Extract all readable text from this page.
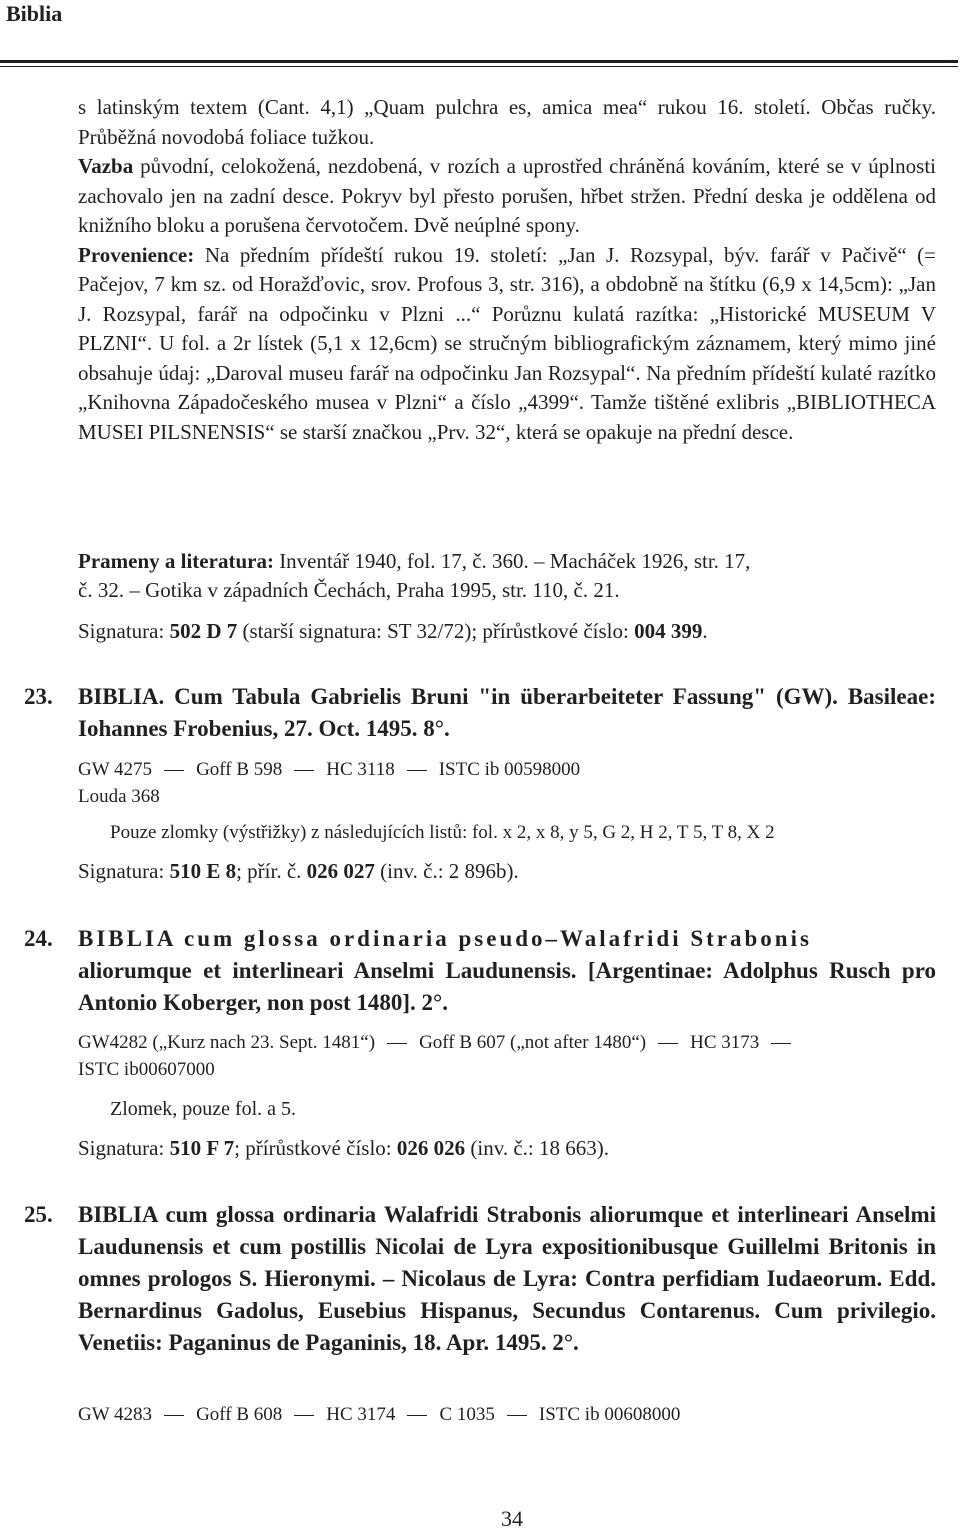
Biblia

s latinským textem (Cant. 4,1) „Quam pulchra es, amica mea“ rukou 16. století. Občas ručky. Průběžná novodobá foliace tužkou.
Vazba původní, celokožená, nezdobená, v rozích a uprostřed chráněná kováním, které se v úplnosti zachovalo jen na zadní desce. Pokryv byl přesto porušen, hřbet stržen. Přední deska je oddělena od knižního bloku a porušena červotočem. Dvě neúplné spony.
Provenience: Na předním přídeští rukou 19. století: „Jan J. Rozsypal, býv. farář v Pačivě“ (= Pačejov, 7 km sz. od Horažďovic, srov. Profous 3, str. 316), a obdobně na štítku (6,9 x 14,5cm): „Jan J. Rozsypal, farář na odpočinku v Plzni ...“ Porůznu kulatá razítka: „Historické MUSEUM V PLZNI“. U fol. a 2r lístek (5,1 x 12,6cm) se stručným bibliografickým záznamem, který mimo jiné obsahuje údaj: „Daroval museu farář na odpočinku Jan Rozsypal“. Na předním přídeští kulaté razítko „Knihovna Západočeského musea v Plzni“ a číslo „4399“. Tamže tištěné exlibris „BIBLIOTHECA MUSEI PILSNENSIS“ se starší značkou „Prv. 32“, která se opakuje na přední desce.

Prameny a literatura: Inventář 1940, fol. 17, č. 360. – Macháček 1926, str. 17,
č. 32. – Gotika v západních Čechách, Praha 1995, str. 110, č. 21.
Signatura: 502 D 7 (starší signatura: ST 32/72); přírůstkové číslo: 004 399.
23. BIBLIA. Cum Tabula Gabrielis Bruni "in überarbeiteter Fassung" (GW). Basileae: Iohannes Frobenius, 27. Oct. 1495. 8°.

GW 4275 Goff B 598 HC 3118 ISTC ib 00598000
Louda 368
Pouze zlomky (výstřižky) z následujících listů: fol. x 2, x 8, y 5, G 2, H 2, T 5, T 8, X 2
Signatura: 510 E 8; přír. č. 026 027 (inv. č.: 2 896b).
24. BIBLIA cum glossa ordinaria pseudo–Walafridi Strabonis
aliorumque et interlineari Anselmi Laudunensis. [Argentinae: Adolphus Rusch pro Antonio Koberger, non post 1480]. 2°.

GW4282 („Kurz nach 23. Sept. 1481“) Goff B 607 („not after 1480“) HC 3173
ISTC ib00607000
Zlomek, pouze fol. a 5.
Signatura: 510 F 7; přírůstkové číslo: 026 026 (inv. č.: 18 663).
25. BIBLIA cum glossa ordinaria Walafridi Strabonis aliorumque et interlineari Anselmi Laudunensis et cum postillis Nicolai de Lyra expositionibusque Guillelmi Britonis in omnes prologos S. Hieronymi. – Nicolaus de Lyra: Contra perfidiam Iudaeorum. Edd. Bernardinus Gadolus, Eusebius Hispanus, Secundus Contarenus. Cum privilegio. Venetiis: Paganinus de Paganinis, 18. Apr. 1495. 2°.

GW 4283 Goff B 608 HC 3174 C 1035 ISTC ib 00608000
34
